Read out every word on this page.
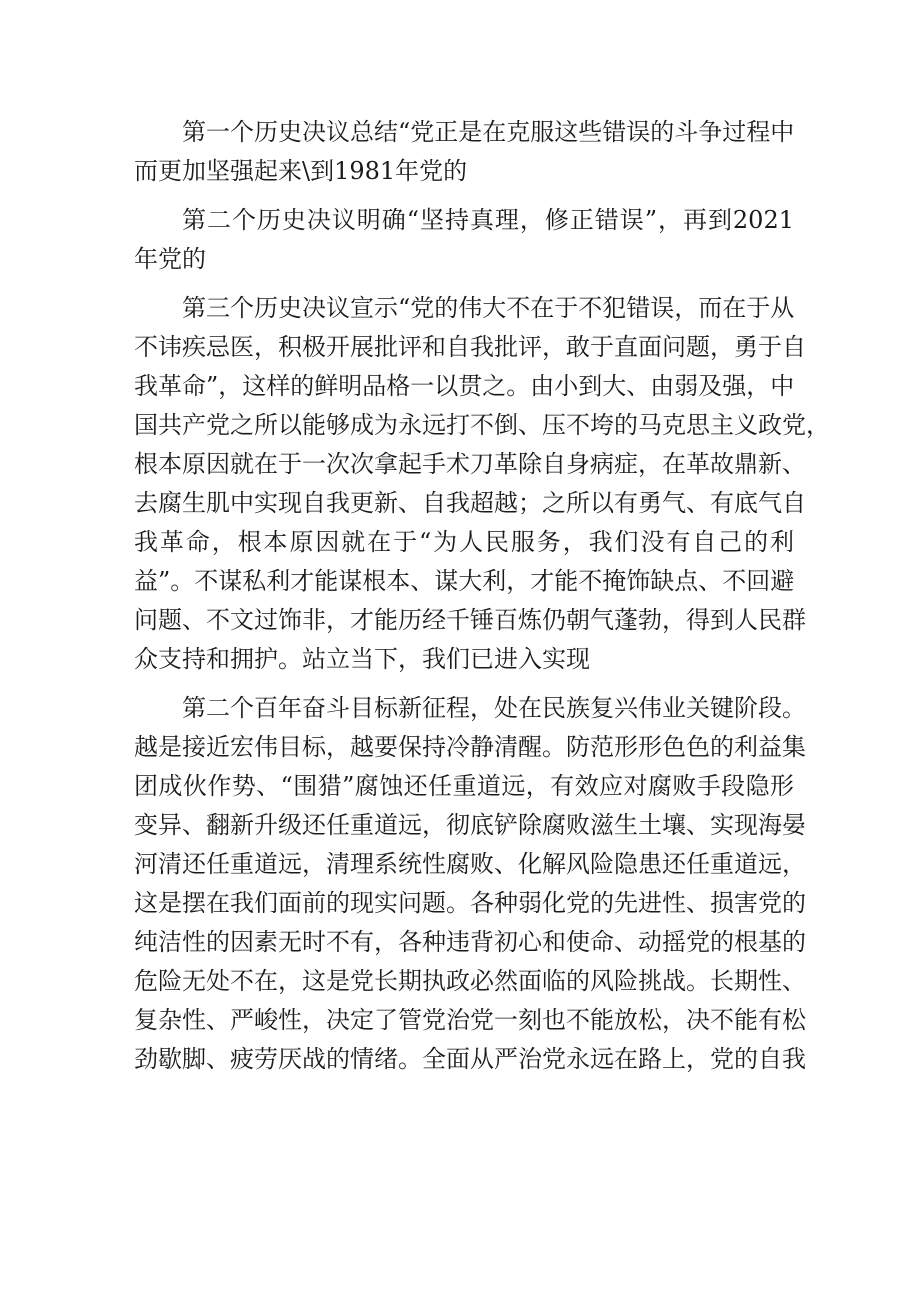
第一个历史决议总结“党正是在克服这些错误的斗争过程中
而更加坚强起来\到1981年党的
第二个历史决议明确“坚持真理，修正错误”，再到2021
年党的
第三个历史决议宣示“党的伟大不在于不犯错误，而在于从
不讳疾忌医，积极开展批评和自我批评，敢于直面问题，勇于自
我革命”，这样的鲜明品格一以贯之。由小到大、由弱及强，中
国共产党之所以能够成为永远打不倒、压不垮的马克思主义政党，
根本原因就在于一次次拿起手术刀革除自身病症，在革故鼎新、
去腐生肌中实现自我更新、自我超越；之所以有勇气、有底气自
我革命，根本原因就在于“为人民服务，我们没有自己的利
益”。不谋私利才能谋根本、谋大利，才能不掩饰缺点、不回避
问题、不文过饰非，才能历经千锤百炼仍朝气蓬勃，得到人民群
众支持和拥护。站立当下，我们已进入实现
第二个百年奋斗目标新征程，处在民族复兴伟业关键阶段。
越是接近宏伟目标，越要保持冷静清醒。防范形形色色的利益集
团成伙作势、“围猎”腐蚀还任重道远，有效应对腐败手段隐形
变异、翻新升级还任重道远，彻底铲除腐败滋生土壤、实现海晏
河清还任重道远，清理系统性腐败、化解风险隐患还任重道远，
这是摆在我们面前的现实问题。各种弱化党的先进性、损害党的
纯洁性的因素无时不有，各种违背初心和使命、动摇党的根基的
危险无处不在，这是党长期执政必然面临的风险挑战。长期性、
复杂性、严峻性，决定了管党治党一刻也不能放松，决不能有松
劲歇脚、疲劳厌战的情绪。全面从严治党永远在路上，党的自我
